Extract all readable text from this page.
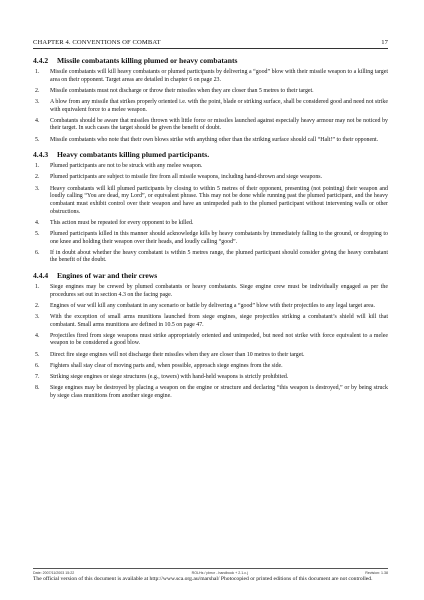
CHAPTER 4. CONVENTIONS OF COMBAT	17
4.4.2 Missile combatants killing plumed or heavy combatants
1. Missile combatants will kill heavy combatants or plumed participants by delivering a “good” blow with their missile weapon to a killing target area on their opponent. Target areas are detailed in chapter 6 on page 23.
2. Missile combatants must not discharge or throw their missiles when they are closer than 5 metres to their target.
3. A blow from any missile that strikes properly oriented i.e. with the point, blade or striking surface, shall be considered good and need not strike with equivalent force to a melee weapon.
4. Combatants should be aware that missiles thrown with little force or missiles launched against especially heavy armour may not be noticed by their target. In such cases the target should be given the benefit of doubt.
5. Missile combatants who note that their own blows strike with anything other than the striking surface should call “Halt!” to their opponent.
4.4.3 Heavy combatants killing plumed participants.
1. Plumed participants are not to be struck with any melee weapon.
2. Plumed participants are subject to missile fire from all missile weapons, including hand-thrown and siege weapons.
3. Heavy combatants will kill plumed participants by closing to within 5 metres of their opponent, presenting (not pointing) their weapon and loudly calling “You are dead, my Lord”, or equivalent phrase. This may not be done while running past the plumed participant, and the heavy combatant must exhibit control over their weapon and have an unimpeded path to the plumed participant without intervening walls or other obstructions.
4. This action must be repeated for every opponent to be killed.
5. Plumed participants killed in this manner should acknowledge kills by heavy combatants by immediately falling to the ground, or dropping to one knee and holding their weapon over their heads, and loudly calling “good”.
6. If in doubt about whether the heavy combatant is within 5 metres range, the plumed participant should consider giving the heavy combatant the benefit of the doubt.
4.4.4 Engines of war and their crews
1. Siege engines may be crewed by plumed combatants or heavy combatants. Siege engine crew must be individually engaged as per the procedures set out in section 4.3 on the facing page.
2. Engines of war will kill any combatant in any scenario or battle by delivering a “good” blow with their projectiles to any legal target area.
3. With the exception of small arms munitions launched from siege engines, siege projectiles striking a combatant’s shield will kill that combatant. Small arms munitions are defined in 10.5 on page 47.
4. Projectiles fired from siege weapons must strike appropriately oriented and unimpeded, but need not strike with force equivalent to a melee weapon to be considered a good blow.
5. Direct fire siege engines will not discharge their missiles when they are closer than 10 metres to their target.
6. Fighters shall stay clear of moving parts and, when possible, approach siege engines from the side.
7. Striking siege engines or siege structures (e.g., towers) with hand-held weapons is strictly prohibited.
8. Siege engines may be destroyed by placing a weapon on the engine or structure and declaring “this weapon is destroyed,” or by being struck by siege class munitions from another siege engine.
Date: 2007/11/2003 15:22	ROLHs / plmcr - handbook + 2.1.c.j	Revision: 1.38
The official version of this document is available at http://www.sca.org.au/marshal/ Photocopied or printed editions of this document are not controlled.
